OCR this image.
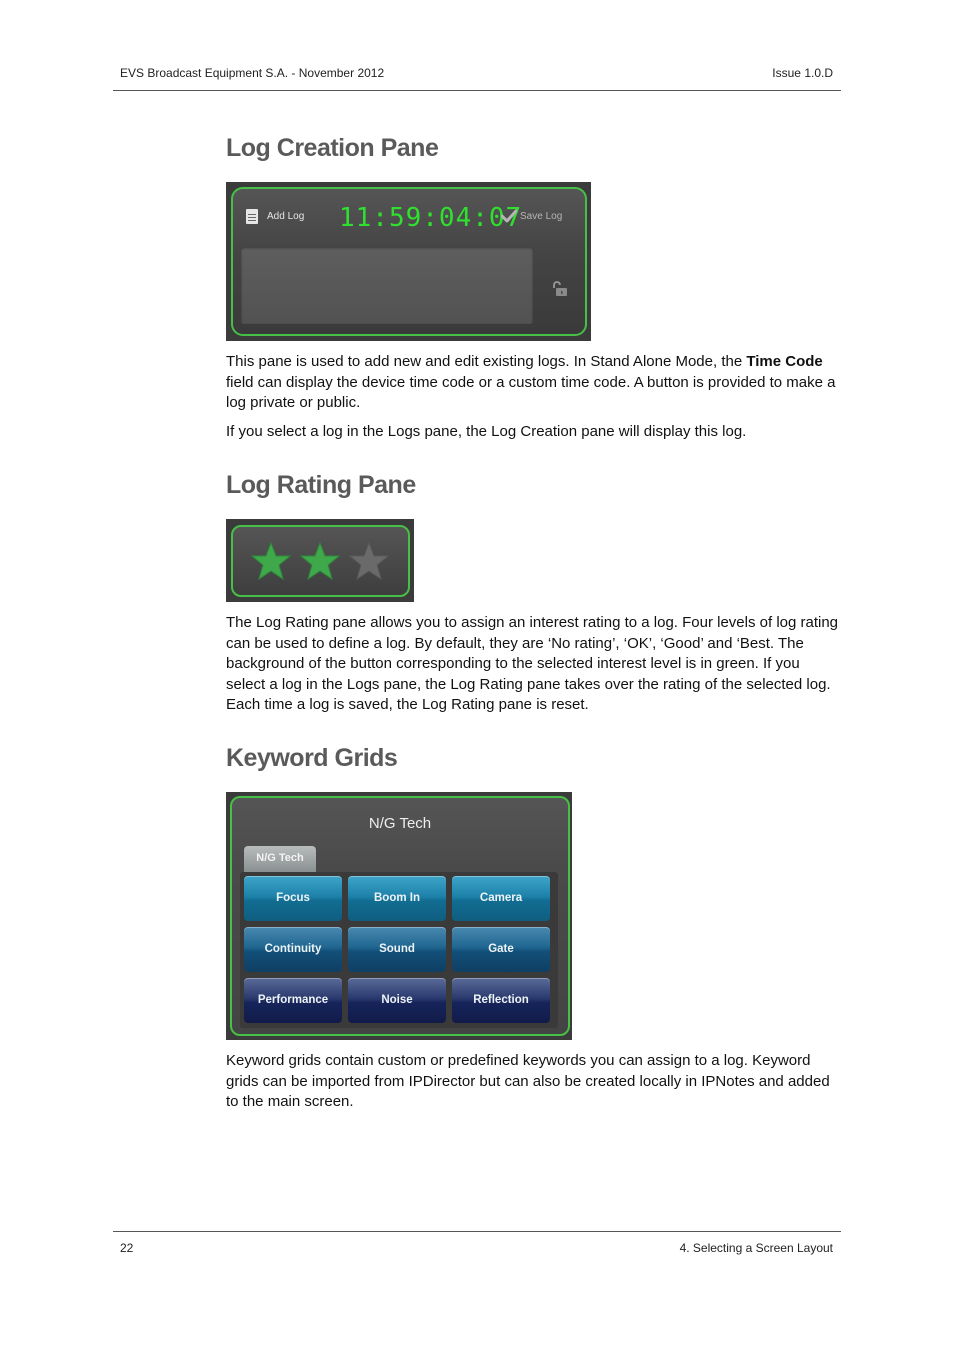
EVS Broadcast Equipment S.A. - November 2012	Issue 1.0.D
Log Creation Pane
Add Log 11:59:04:07
Save Log

This pane is used to add new and edit existing logs. In Stand Alone Mode, the Time Code field can display the device time code or a custom time code. A button is provided to make a log private or public.

If you select a log in the Logs pane, the Log Creation pane will display this log.

Log Rating Pane

The Log Rating pane allows you to assign an interest rating to a log. Four levels of log rating can be used to define a log. By default, they are ‘No rating’, ‘OK’, ‘Good’ and ‘Best. The background of the button corresponding to the selected interest level is in green. If you select a log in the Logs pane, the Log Rating pane takes over the rating of the selected log. Each time a log is saved, the Log Rating pane is reset.

Keyword Grids
N/G Tech
N/G Tech
Focus	Boom In	Camera
Continuity	Sound	Gate
Performance	Noise	Reflection

Keyword grids contain custom or predefined keywords you can assign to a log. Keyword grids can be imported from IPDirector but can also be created locally in IPNotes and added to the main screen.

22	4. Selecting a Screen Layout
